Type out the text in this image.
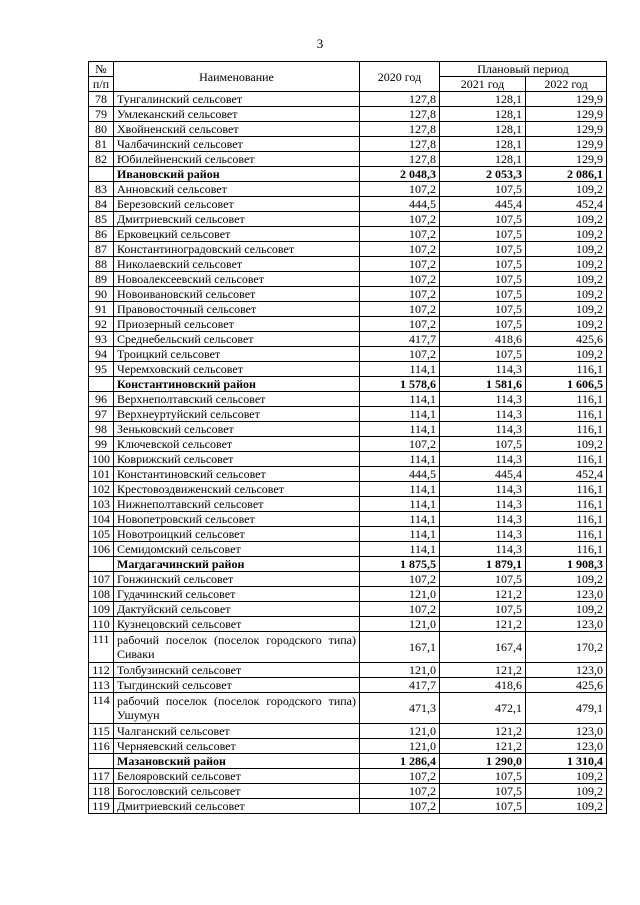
3
№	Наименование	2020 год	Плановый период	
п/п			2021 год	2022 год
78	Тунгалинский сельсовет	127,8	128,1	129,9
79	Умлеканский сельсовет	127,8	128,1	129,9
80	Хвойненский сельсовет	127,8	128,1	129,9
81	Чалбачинский сельсовет	127,8	128,1	129,9
82	Юбилейненский сельсовет	127,8	128,1	129,9
	Ивановский район	2 048,3	2 053,3	2 086,1
83	Анновский сельсовет	107,2	107,5	109,2
84	Березовский сельсовет	444,5	445,4	452,4
85	Дмитриевский сельсовет	107,2	107,5	109,2
86	Ерковецкий сельсовет	107,2	107,5	109,2
87	Константиноградовский сельсовет	107,2	107,5	109,2
88	Николаевский сельсовет	107,2	107,5	109,2
89	Новоалексеевский сельсовет	107,2	107,5	109,2
90	Новоивановский сельсовет	107,2	107,5	109,2
91	Правовосточный сельсовет	107,2	107,5	109,2
92	Приозерный сельсовет	107,2	107,5	109,2
93	Среднебельский сельсовет	417,7	418,6	425,6
94	Троицкий сельсовет	107,2	107,5	109,2
95	Черемховский сельсовет	114,1	114,3	116,1
	Константиновский район	1 578,6	1 581,6	1 606,5
96	Верхнеполтавский сельсовет	114,1	114,3	116,1
97	Верхнеуртуйский сельсовет	114,1	114,3	116,1
98	Зеньковский сельсовет	114,1	114,3	116,1
99	Ключевской сельсовет	107,2	107,5	109,2
100	Коврижский сельсовет	114,1	114,3	116,1
101	Константиновский сельсовет	444,5	445,4	452,4
102	Крестовоздвиженский сельсовет	114,1	114,3	116,1
103	Нижнеполтавский сельсовет	114,1	114,3	116,1
104	Новопетровский сельсовет	114,1	114,3	116,1
105	Новотроицкий сельсовет	114,1	114,3	116,1
106	Семидомский сельсовет	114,1	114,3	116,1
	Магдагачинский район	1 875,5	1 879,1	1 908,3
107	Гонжинский сельсовет	107,2	107,5	109,2
108	Гудачинский сельсовет	121,0	121,2	123,0
109	Дактуйский сельсовет	107,2	107,5	109,2
110	Кузнецовский сельсовет	121,0	121,2	123,0
111	рабочий поселок (поселок городского типа) Сиваки	167,1	167,4	170,2
112	Толбузинский сельсовет	121,0	121,2	123,0
113	Тыгдинский сельсовет	417,7	418,6	425,6
114	рабочий поселок (поселок городского типа) Ушумун	471,3	472,1	479,1
115	Чалганский сельсовет	121,0	121,2	123,0
116	Черняевский сельсовет	121,0	121,2	123,0
	Мазановский район	1 286,4	1 290,0	1 310,4
117	Белояровский сельсовет	107,2	107,5	109,2
118	Богословский сельсовет	107,2	107,5	109,2
119	Дмитриевский сельсовет	107,2	107,5	109,2
